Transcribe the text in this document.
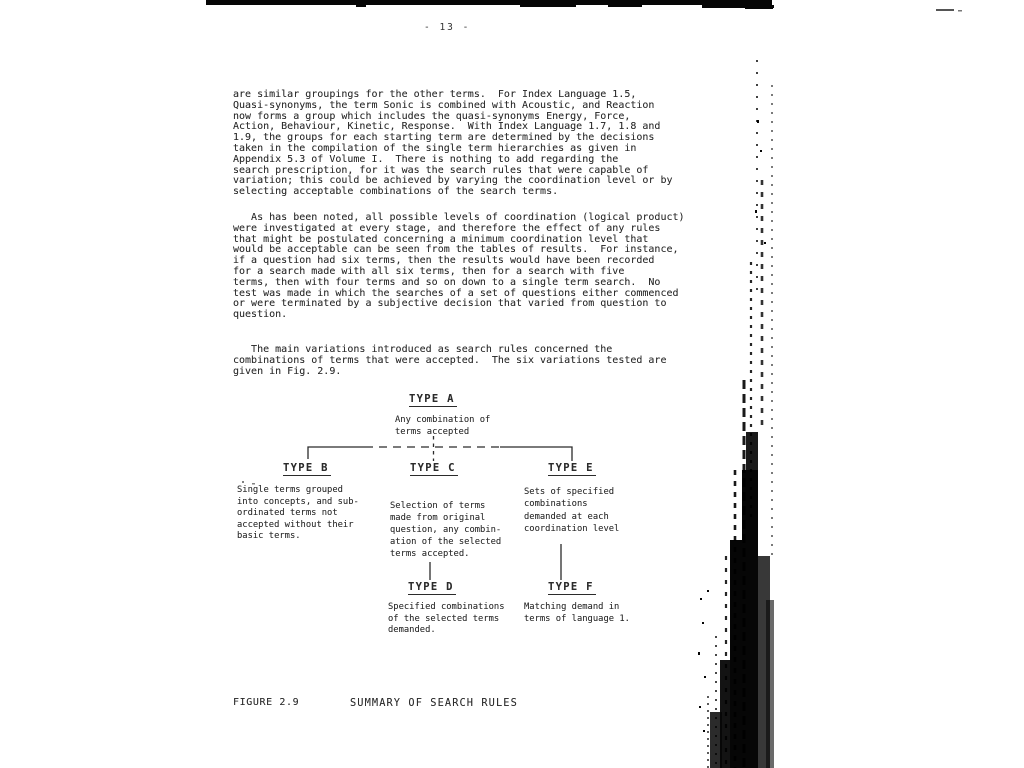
- 13 -
are similar groupings for the other terms.  For Index Language 1.5,
Quasi-synonyms, the term Sonic is combined with Acoustic, and Reaction
now forms a group which includes the quasi-synonyms Energy, Force,
Action, Behaviour, Kinetic, Response.  With Index Language 1.7, 1.8 and
1.9, the groups for each starting term are determined by the decisions
taken in the compilation of the single term hierarchies as given in
Appendix 5.3 of Volume I.  There is nothing to add regarding the
search prescription, for it was the search rules that were capable of
variation; this could be achieved by varying the coordination level or by
selecting acceptable combinations of the search terms.
As has been noted, all possible levels of coordination (logical product)
were investigated at every stage, and therefore the effect of any rules
that might be postulated concerning a minimum coordination level that
would be acceptable can be seen from the tables of results.  For instance,
if a question had six terms, then the results would have been recorded
for a search made with all six terms, then for a search with five
terms, then with four terms and so on down to a single term search.  No
test was made in which the searches of a set of questions either commenced
or were terminated by a subjective decision that varied from question to
question.
The main variations introduced as search rules concerned the
combinations of terms that were accepted.  The six variations tested are
given in Fig. 2.9.
TYPE A
TYPE B	TYPE C	TYPE E
TYPE D	TYPE F
Any combination of
terms accepted
Single terms grouped
into concepts, and sub-
ordinated terms not
accepted without their
basic terms.
Selection of terms
made from original
question, any combin-
ation of the selected
terms accepted.
Sets of specified
combinations
demanded at each
coordination level
Specified combinations
of the selected terms
demanded.
Matching demand in
terms of language 1.
FIGURE 2.9	SUMMARY OF SEARCH RULES
